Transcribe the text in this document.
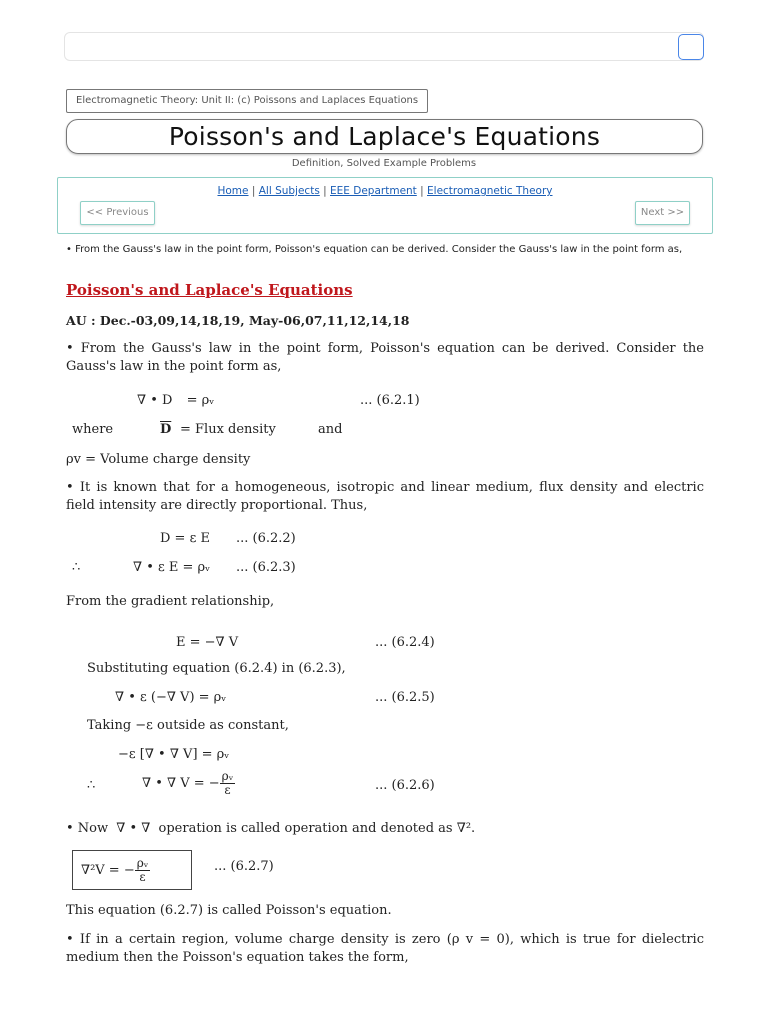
Electromagnetic Theory: Unit II: (c) Poissons and Laplaces Equations
Poisson's and Laplace's Equations
Definition, Solved Example Problems
Home | All Subjects | EEE Department | Electromagnetic Theory
<< Previous	Next >>
• From the Gauss's law in the point form, Poisson's equation can be derived. Consider the Gauss's law in the point form as,
Poisson's and Laplace's Equations
AU : Dec.-03,09,14,18,19, May-06,07,11,12,14,18
• From the Gauss's law in the point form, Poisson's equation can be derived. Consider the Gauss's law in the point form as,
∇ • D = ρᵥ	... (6.2.1)
where	$\overline{D}$ = Flux density	and
ρv = Volume charge density
• It is known that for a homogeneous, isotropic and linear medium, flux density and electric field intensity are directly proportional. Thus,
D = ε E ... (6.2.2)
∴	∇ • ε E = ρᵥ ... (6.2.3)
From the gradient relationship,
E = −∇ V	... (6.2.4)
Substituting equation (6.2.4) in (6.2.3),
∇ • ε (−∇ V) = ρᵥ	... (6.2.5)
Taking −ε outside as constant,
−ε [∇ • ∇ V] = ρᵥ
∴	∇ • ∇ V = − $\frac{\text{ρᵥ}}{\varepsilon}$	... (6.2.6)
• Now ∇ • ∇ operation is called operation and denoted as ∇².
∇²V = − $\frac{\text{ρᵥ}}{\varepsilon}$	... (6.2.7)
This equation (6.2.7) is called Poisson's equation.
• If in a certain region, volume charge density is zero (ρ v = 0), which is true for dielectric medium then the Poisson's equation takes the form,
